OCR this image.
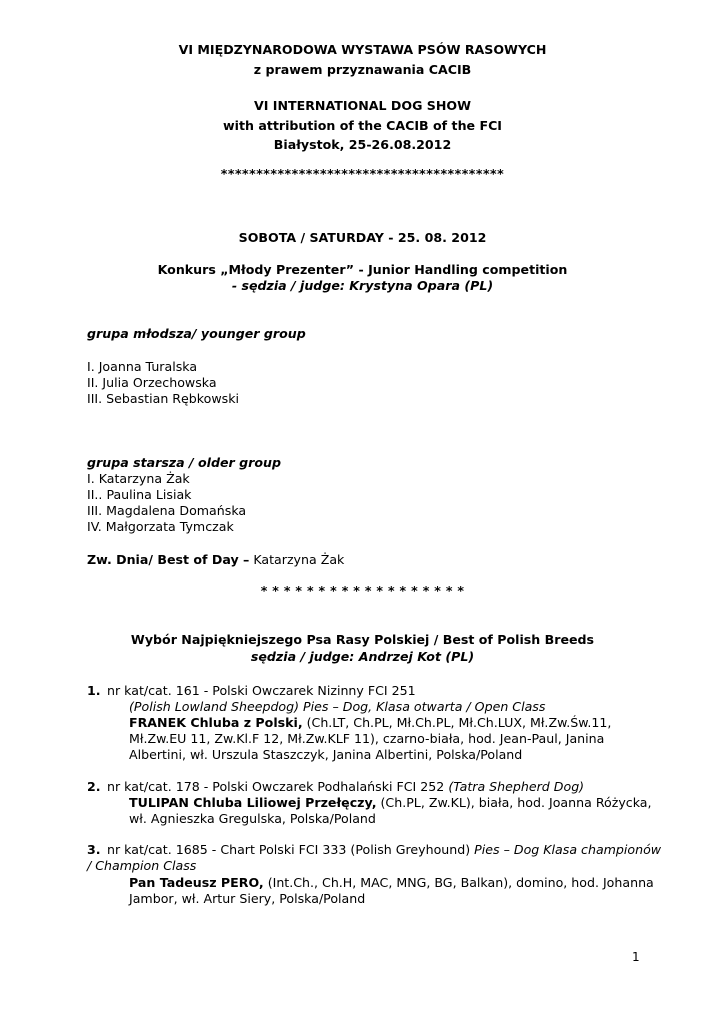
VI MIĘDZYNARODOWA WYSTAWA PSÓW RASOWYCH
z prawem przyznawania CACIB
VI INTERNATIONAL DOG SHOW
with attribution of the CACIB of the FCI
Białystok, 25-26.08.2012
****************************************
SOBOTA / SATURDAY - 25. 08. 2012
Konkurs „Młody Prezenter” - Junior Handling competition
- sędzia / judge: Krystyna Opara (PL)
grupa młodsza/ younger group
I. Joanna Turalska
II. Julia Orzechowska
III. Sebastian Rębkowski
grupa starsza / older group
I. Katarzyna Żak
II.. Paulina Lisiak
III. Magdalena Domańska
IV. Małgorzata Tymczak
Zw. Dnia/ Best of Day – Katarzyna Żak
* * * * * * * * * * * * * * * * * *
Wybór Najpiękniejszego Psa Rasy Polskiej / Best of Polish Breeds
sędzia / judge: Andrzej Kot (PL)
1. nr kat/cat. 161 - Polski Owczarek Nizinny FCI 251
(Polish Lowland Sheepdog) Pies – Dog, Klasa otwarta / Open Class
FRANEK Chluba z Polski, (Ch.LT, Ch.PL, Mł.Ch.PL, Mł.Ch.LUX, Mł.Zw.Św.11,
Mł.Zw.EU 11, Zw.Kl.F 12, Mł.Zw.KLF 11), czarno-biała, hod. Jean-Paul, Janina
Albertini, wł. Urszula Staszczyk, Janina Albertini, Polska/Poland
2. nr kat/cat. 178 - Polski Owczarek Podhalański FCI 252 (Tatra Shepherd Dog)
TULIPAN Chluba Liliowej Przełęczy, (Ch.PL, Zw.KL), biała, hod. Joanna Różycka,
wł. Agnieszka Gregulska, Polska/Poland
3. nr kat/cat. 1685 - Chart Polski FCI 333 (Polish Greyhound) Pies – Dog Klasa championów
/ Champion Class
Pan Tadeusz PERO, (Int.Ch., Ch.H, MAC, MNG, BG, Balkan), domino, hod. Johanna
Jambor, wł. Artur Siery, Polska/Poland
1
